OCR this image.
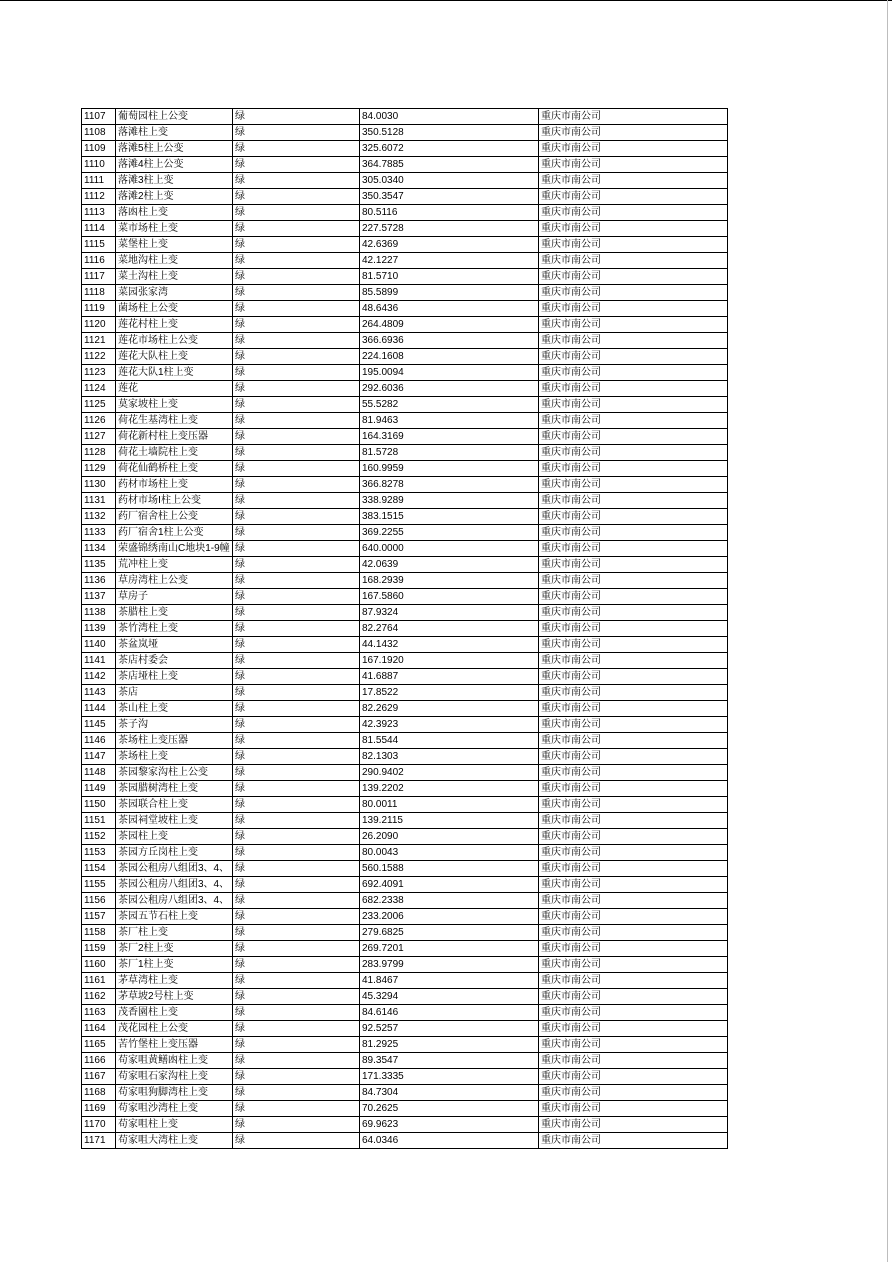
1107	葡萄园柱上公变	绿	84.0030	重庆市南公司
1108	落滩柱上变	绿	350.5128	重庆市南公司
1109	落滩5柱上公变	绿	325.6072	重庆市南公司
1110	落滩4柱上公变	绿	364.7885	重庆市南公司
1111	落滩3柱上变	绿	305.0340	重庆市南公司
1112	落滩2柱上变	绿	350.3547	重庆市南公司
1113	落凼柱上变	绿	80.5116	重庆市南公司
1114	菜市场柱上变	绿	227.5728	重庆市南公司
1115	菜堡柱上变	绿	42.6369	重庆市南公司
1116	菜地沟柱上变	绿	42.1227	重庆市南公司
1117	菜土沟柱上变	绿	81.5710	重庆市南公司
1118	菜园张家湾	绿	85.5899	重庆市南公司
1119	菌场柱上公变	绿	48.6436	重庆市南公司
1120	莲花村柱上变	绿	264.4809	重庆市南公司
1121	莲花市场柱上公变	绿	366.6936	重庆市南公司
1122	莲花大队柱上变	绿	224.1608	重庆市南公司
1123	莲花大队1柱上变	绿	195.0094	重庆市南公司
1124	莲花	绿	292.6036	重庆市南公司
1125	莫家坡柱上变	绿	55.5282	重庆市南公司
1126	荷花生基湾柱上变	绿	81.9463	重庆市南公司
1127	荷花新村柱上变压器	绿	164.3169	重庆市南公司
1128	荷花土墙院柱上变	绿	81.5728	重庆市南公司
1129	荷花仙鹤桥柱上变	绿	160.9959	重庆市南公司
1130	药材市场柱上变	绿	366.8278	重庆市南公司
1131	药材市场Ⅰ柱上公变	绿	338.9289	重庆市南公司
1132	药厂宿舍柱上公变	绿	383.1515	重庆市南公司
1133	药厂宿舍1柱上公变	绿	369.2255	重庆市南公司
1134	荣盛锦绣南山C地块1-9幢	绿	640.0000	重庆市南公司
1135	荒冲柱上变	绿	42.0639	重庆市南公司
1136	草房湾柱上公变	绿	168.2939	重庆市南公司
1137	草房子	绿	167.5860	重庆市南公司
1138	茶腊柱上变	绿	87.9324	重庆市南公司
1139	茶竹湾柱上变	绿	82.2764	重庆市南公司
1140	茶盆岚垭	绿	44.1432	重庆市南公司
1141	茶店村委会	绿	167.1920	重庆市南公司
1142	茶店垭柱上变	绿	41.6887	重庆市南公司
1143	茶店	绿	17.8522	重庆市南公司
1144	茶山柱上变	绿	82.2629	重庆市南公司
1145	茶子沟	绿	42.3923	重庆市南公司
1146	茶场柱上变压器	绿	81.5544	重庆市南公司
1147	茶场柱上变	绿	82.1303	重庆市南公司
1148	茶园黎家沟柱上公变	绿	290.9402	重庆市南公司
1149	茶园腊树湾柱上变	绿	139.2202	重庆市南公司
1150	茶园联合柱上变	绿	80.0011	重庆市南公司
1151	茶园祠堂坡柱上变	绿	139.2115	重庆市南公司
1152	茶园柱上变	绿	26.2090	重庆市南公司
1153	茶园方丘岗柱上变	绿	80.0043	重庆市南公司
1154	茶园公租房八组团3、4、	绿	560.1588	重庆市南公司
1155	茶园公租房八组团3、4、	绿	692.4091	重庆市南公司
1156	茶园公租房八组团3、4、	绿	682.2338	重庆市南公司
1157	茶园五节石柱上变	绿	233.2006	重庆市南公司
1158	茶厂柱上变	绿	279.6825	重庆市南公司
1159	茶厂2柱上变	绿	269.7201	重庆市南公司
1160	茶厂1柱上变	绿	283.9799	重庆市南公司
1161	茅草湾柱上变	绿	41.8467	重庆市南公司
1162	茅草坡2号柱上变	绿	45.3294	重庆市南公司
1163	茂香園柱上变	绿	84.6146	重庆市南公司
1164	茂花园柱上公变	绿	92.5257	重庆市南公司
1165	苦竹堡柱上变压器	绿	81.2925	重庆市南公司
1166	苟家咀黄鳝凼柱上变	绿	89.3547	重庆市南公司
1167	苟家咀石家沟柱上变	绿	171.3335	重庆市南公司
1168	苟家咀狗脚湾柱上变	绿	84.7304	重庆市南公司
1169	苟家咀沙湾柱上变	绿	70.2625	重庆市南公司
1170	苟家咀柱上变	绿	69.9623	重庆市南公司
1171	苟家咀大湾柱上变	绿	64.0346	重庆市南公司
